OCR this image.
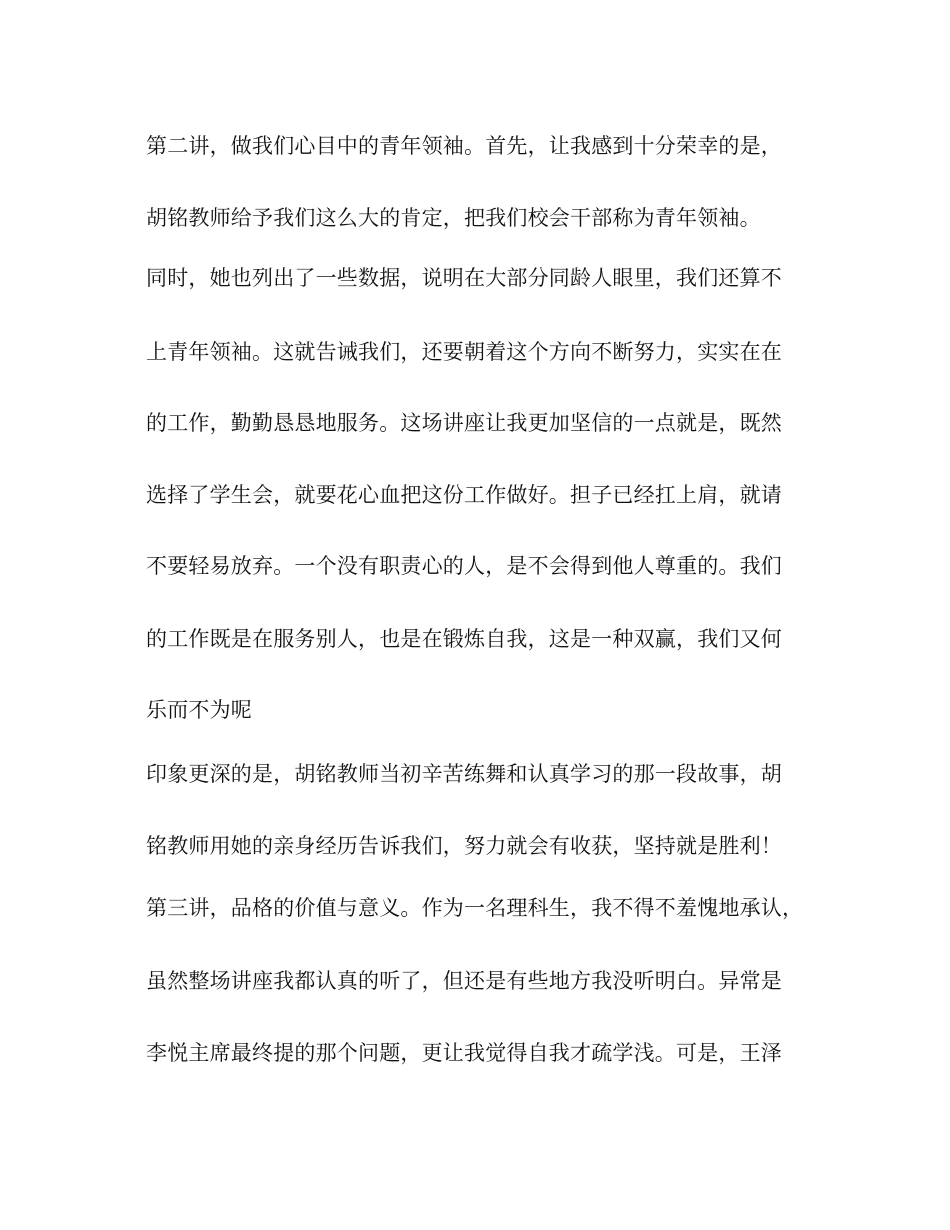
第二讲，做我们心目中的青年领袖。首先，让我感到十分荣幸的是，
胡铭教师给予我们这么大的肯定，把我们校会干部称为青年领袖。
同时，她也列出了一些数据，说明在大部分同龄人眼里，我们还算不
上青年领袖。这就告诫我们，还要朝着这个方向不断努力，实实在在
的工作，勤勤恳恳地服务。这场讲座让我更加坚信的一点就是，既然
选择了学生会，就要花心血把这份工作做好。担子已经扛上肩，就请
不要轻易放弃。一个没有职责心的人，是不会得到他人尊重的。我们
的工作既是在服务别人，也是在锻炼自我，这是一种双赢，我们又何
乐而不为呢
印象更深的是，胡铭教师当初辛苦练舞和认真学习的那一段故事，胡
铭教师用她的亲身经历告诉我们，努力就会有收获，坚持就是胜利！
第三讲，品格的价值与意义。作为一名理科生，我不得不羞愧地承认，
虽然整场讲座我都认真的听了，但还是有些地方我没听明白。异常是
李悦主席最终提的那个问题，更让我觉得自我才疏学浅。可是，王泽
